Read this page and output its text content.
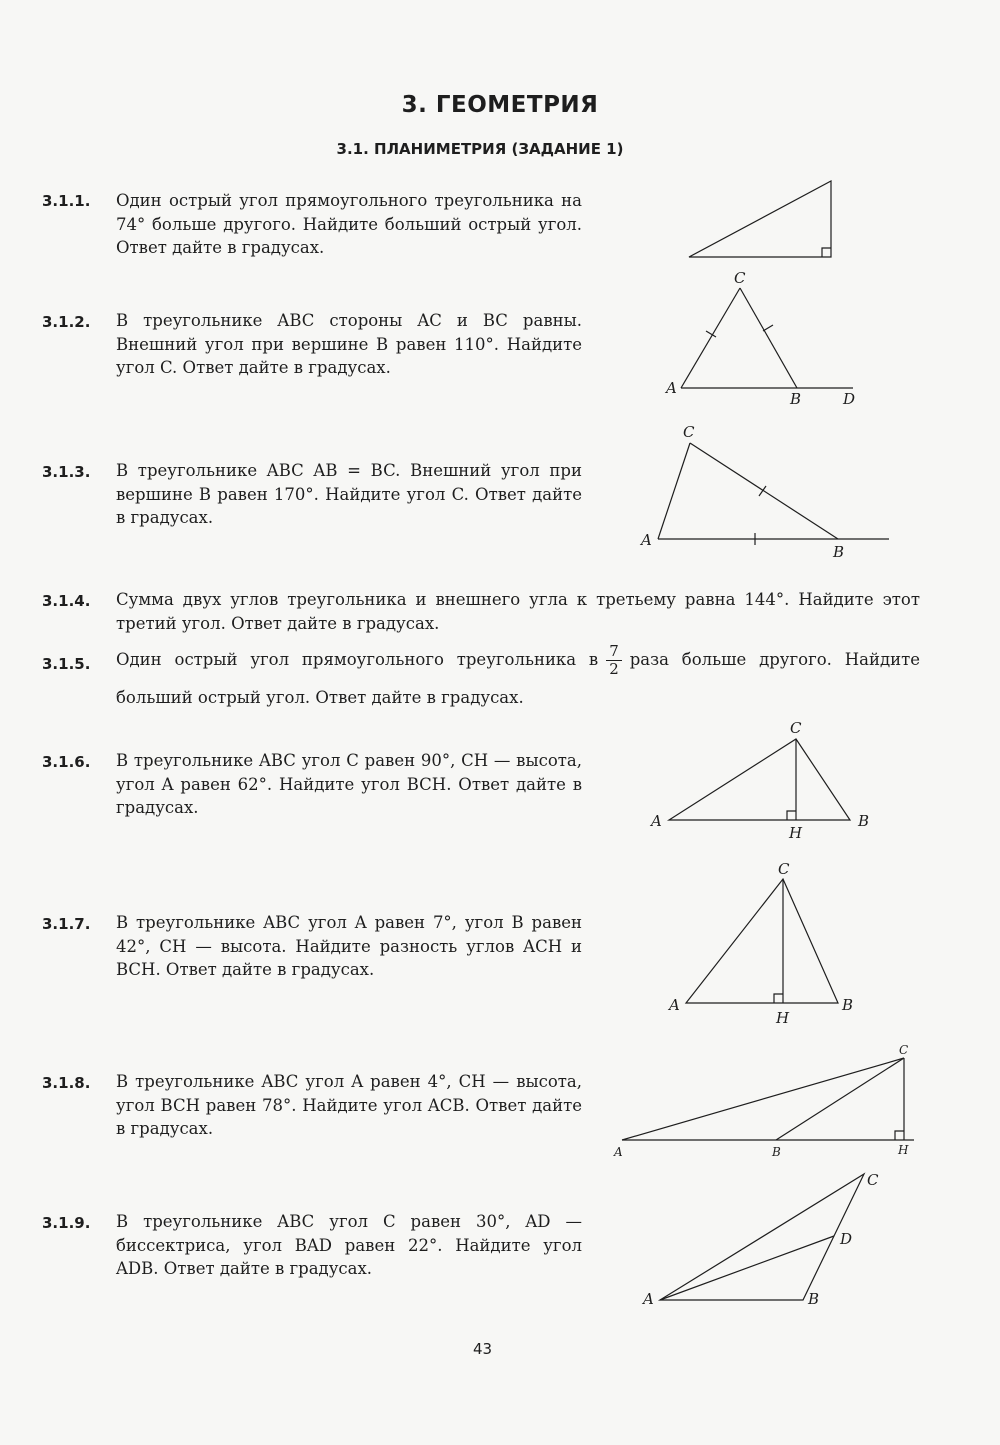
3. ГЕОМЕТРИЯ
3.1. ПЛАНИМЕТРИЯ (ЗАДАНИЕ 1)
3.1.1. Один острый угол прямоугольного треугольника на 74° больше другого. Найдите больший острый угол. Ответ дайте в градусах.
3.1.2. В треугольнике ABC стороны AC и BC равны. Внешний угол при вершине B равен 110°. Найдите угол C. Ответ дайте в градусах.
3.1.3. В треугольнике ABC AB = BC. Внешний угол при вершине B равен 170°. Найдите угол C. Ответ дайте в градусах.
3.1.4. Сумма двух углов треугольника и внешнего угла к третьему равна 144°. Найдите этот третий угол. Ответ дайте в градусах.
3.1.5. Один острый угол прямоугольного треугольника в $\frac{7}{2}$ раза больше другого. Найдите больший острый угол. Ответ дайте в градусах.
3.1.6. В треугольнике ABC угол C равен 90°, CH — высота, угол A равен 62°. Найдите угол BCH. Ответ дайте в градусах.
3.1.7. В треугольнике ABC угол A равен 7°, угол B равен 42°, CH — высота. Найдите разность углов ACH и BCH. Ответ дайте в градусах.
3.1.8. В треугольнике ABC угол A равен 4°, CH — высота, угол BCH равен 78°. Найдите угол ACB. Ответ дайте в градусах.
3.1.9. В треугольнике ABC угол C равен 30°, AD — биссектриса, угол BAD равен 22°. Найдите угол ADB. Ответ дайте в градусах.
C
A
B	D
C
A
B
C
A	B
H
C
A	B
H
C
A	B	H
C
D
A	B
43
